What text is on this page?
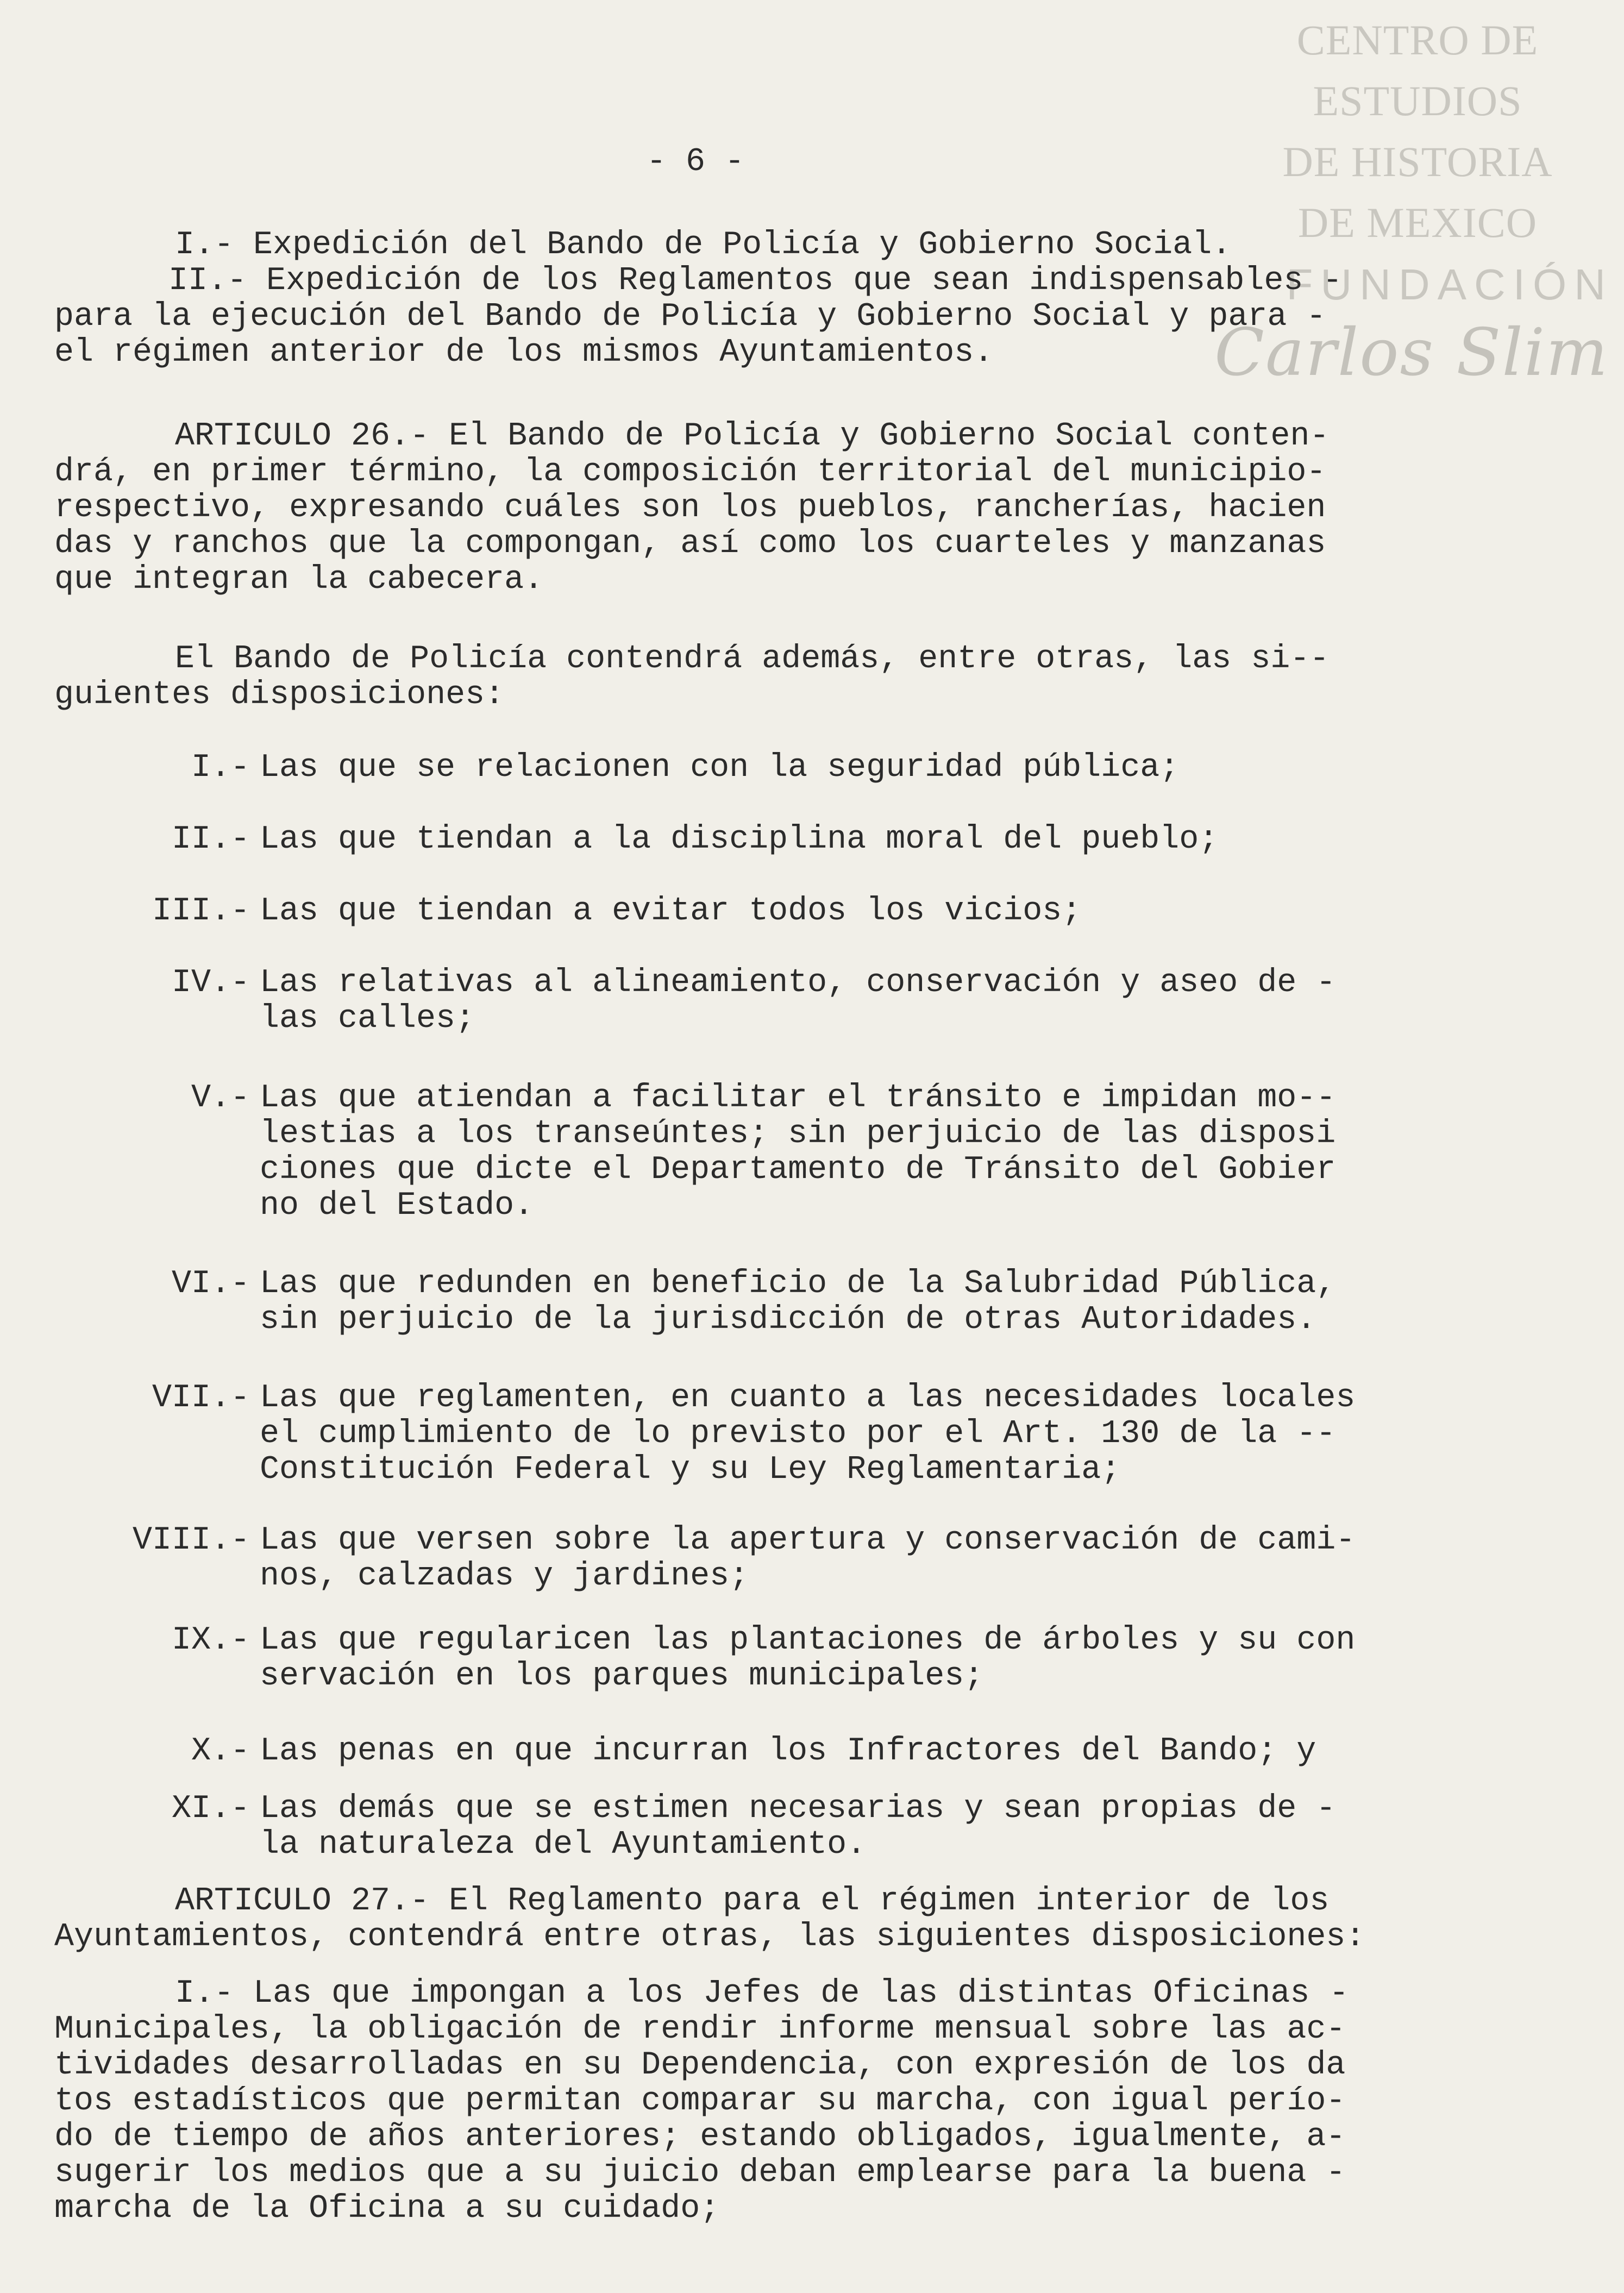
CENTRO DE
ESTUDIOS
DE HISTORIA
DE MEXICO
FUNDACIÓN
Carlos Slim
- 6 -
I.- Expedición del Bando de Policía y Gobierno Social.
II.- Expedición de los Reglamentos que sean indispensables -
para la ejecución del Bando de Policía y Gobierno Social y para -
el régimen anterior de los mismos Ayuntamientos.
ARTICULO 26.- El Bando de Policía y Gobierno Social conten-
drá, en primer término, la composición territorial del municipio-
respectivo, expresando cuáles son los pueblos, rancherías, hacien
das y ranchos que la compongan, así como los cuarteles y manzanas
que integran la cabecera.
El Bando de Policía contendrá además, entre otras, las si--
guientes disposiciones:
I.- Las que se relacionen con la seguridad pública;
II.- Las que tiendan a la disciplina moral del pueblo;
III.- Las que tiendan a evitar todos los vicios;
IV.- Las relativas al alineamiento, conservación y aseo de -
las calles;
V.- Las que atiendan a facilitar el tránsito e impidan mo--
lestias a los transeúntes; sin perjuicio de las disposi
ciones que dicte el Departamento de Tránsito del Gobier
no del Estado.
VI.- Las que redunden en beneficio de la Salubridad Pública,
sin perjuicio de la jurisdicción de otras Autoridades.
VII.- Las que reglamenten, en cuanto a las necesidades locales
el cumplimiento de lo previsto por el Art. 130 de la --
Constitución Federal y su Ley Reglamentaria;
VIII.- Las que versen sobre la apertura y conservación de cami-
nos, calzadas y jardines;
IX.- Las que regularicen las plantaciones de árboles y su con
servación en los parques municipales;
X.- Las penas en que incurran los Infractores del Bando; y
XI.- Las demás que se estimen necesarias y sean propias de -
la naturaleza del Ayuntamiento.
ARTICULO 27.- El Reglamento para el régimen interior de los
Ayuntamientos, contendrá entre otras, las siguientes disposiciones:
I.- Las que impongan a los Jefes de las distintas Oficinas -
Municipales, la obligación de rendir informe mensual sobre las ac-
tividades desarrolladas en su Dependencia, con expresión de los da
tos estadísticos que permitan comparar su marcha, con igual perío-
do de tiempo de años anteriores; estando obligados, igualmente, a-
sugerir los medios que a su juicio deban emplearse para la buena -
marcha de la Oficina a su cuidado;
